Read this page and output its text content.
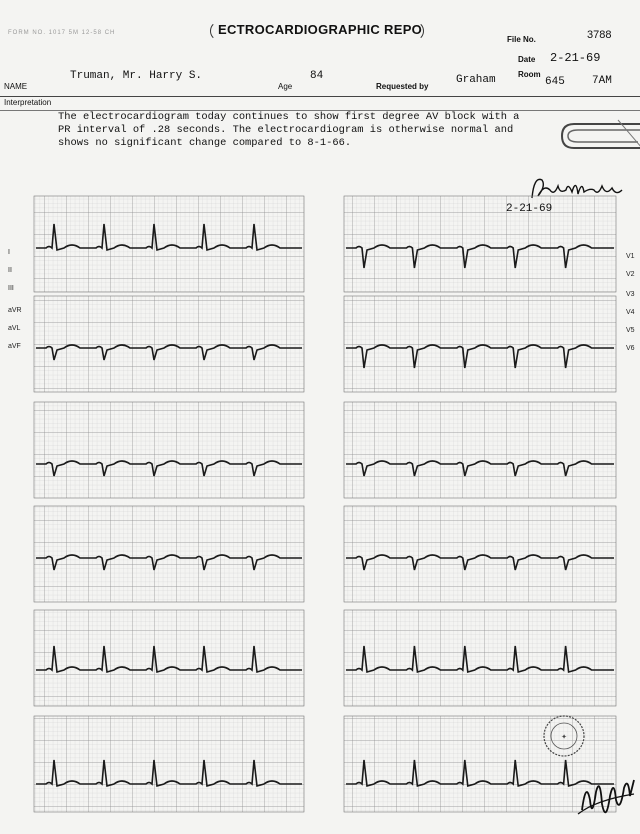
FORM NO. 1017 5M 12-58 CH	ECTROCARDIOGRAPHIC REPO
File No.	3788
Date 2-21-69
Room
645 7AM
NAME
Truman, Mr. Harry S.
Age
84
Requested by
Graham
Interpretation
The electrocardiogram today continues to show first degree AV block with a
PR interval of .28 seconds. The electrocardiogram is otherwise normal and
shows no significant change compared to 8-1-66.
I
II
III
aVR
aVL
aVF
V1
V2
V3
V4
V5
V6
2-21-69
✦
